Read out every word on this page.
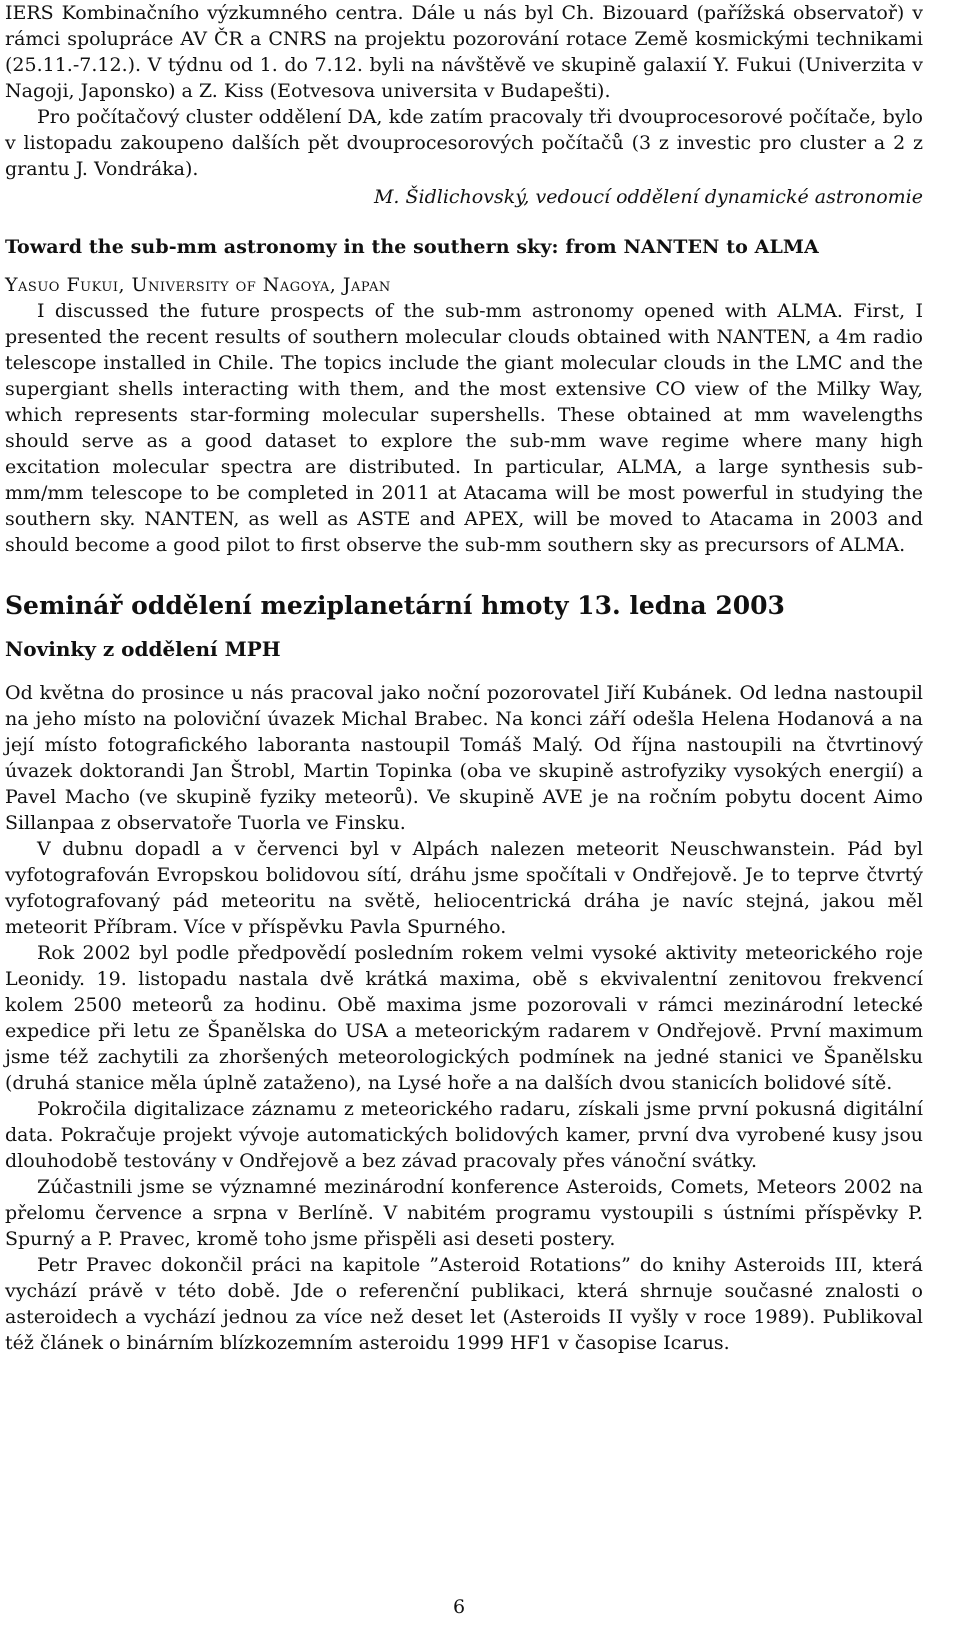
IERS Kombinačního výzkumného centra. Dále u nás byl Ch. Bizouard (pařížská observatoř) v rámci spolupráce AV ČR a CNRS na projektu pozorování rotace Země kosmickými technikami (25.11.-7.12.). V týdnu od 1. do 7.12. byli na návštěvě ve skupině galaxií Y. Fukui (Univerzita v Nagoji, Japonsko) a Z. Kiss (Eotvesova universita v Budapešti).

Pro počítačový cluster oddělení DA, kde zatím pracovaly tři dvouprocesorové počítače, bylo v listopadu zakoupeno dalších pět dvouprocesorových počítačů (3 z investic pro cluster a 2 z grantu J. Vondráka).

M. Šidlichovský, vedoucí oddělení dynamické astronomie

Toward the sub-mm astronomy in the southern sky: from NANTEN to ALMA
Yasuo Fukui, University of Nagoya, Japan

I discussed the future prospects of the sub-mm astronomy opened with ALMA. First, I presented the recent results of southern molecular clouds obtained with NANTEN, a 4m radio telescope installed in Chile. The topics include the giant molecular clouds in the LMC and the supergiant shells interacting with them, and the most extensive CO view of the Milky Way, which represents star-forming molecular supershells. These obtained at mm wavelengths should serve as a good dataset to explore the sub-mm wave regime where many high excitation molecular spectra are distributed. In particular, ALMA, a large synthesis sub-mm/mm telescope to be completed in 2011 at Atacama will be most powerful in studying the southern sky. NANTEN, as well as ASTE and APEX, will be moved to Atacama in 2003 and should become a good pilot to first observe the sub-mm southern sky as precursors of ALMA.

Seminář oddělení meziplanetární hmoty 13. ledna 2003
Novinky z oddělení MPH

Od května do prosince u nás pracoval jako noční pozorovatel Jiří Kubánek. Od ledna nastoupil na jeho místo na poloviční úvazek Michal Brabec. Na konci září odešla Helena Hodanová a na její místo fotografického laboranta nastoupil Tomáš Malý. Od října nastoupili na čtvrtinový úvazek doktorandi Jan Štrobl, Martin Topinka (oba ve skupině astrofyziky vysokých energií) a Pavel Macho (ve skupině fyziky meteorů). Ve skupině AVE je na ročním pobytu docent Aimo Sillanpaa z observatoře Tuorla ve Finsku.

V dubnu dopadl a v červenci byl v Alpách nalezen meteorit Neuschwanstein. Pád byl vyfotografován Evropskou bolidovou sítí, dráhu jsme spočítali v Ondřejově. Je to teprve čtvrtý vyfotografovaný pád meteoritu na světě, heliocentrická dráha je navíc stejná, jakou měl meteorit Příbram. Více v příspěvku Pavla Spurného.

Rok 2002 byl podle předpovědí posledním rokem velmi vysoké aktivity meteorického roje Leonidy. 19. listopadu nastala dvě krátká maxima, obě s ekvivalentní zenitovou frekvencí kolem 2500 meteorů za hodinu. Obě maxima jsme pozorovali v rámci mezinárodní letecké expedice při letu ze Španělska do USA a meteorickým radarem v Ondřejově. První maximum jsme též zachytili za zhoršených meteorologických podmínek na jedné stanici ve Španělsku (druhá stanice měla úplně zataženo), na Lysé hoře a na dalších dvou stanicích bolidové sítě.

Pokročila digitalizace záznamu z meteorického radaru, získali jsme první pokusná digitální data. Pokračuje projekt vývoje automatických bolidových kamer, první dva vyrobené kusy jsou dlouhodobě testovány v Ondřejově a bez závad pracovaly přes vánoční svátky.

Zúčastnili jsme se významné mezinárodní konference Asteroids, Comets, Meteors 2002 na přelomu července a srpna v Berlíně. V nabitém programu vystoupili s ústními příspěvky P. Spurný a P. Pravec, kromě toho jsme přispěli asi deseti postery.

Petr Pravec dokončil práci na kapitole ”Asteroid Rotations” do knihy Asteroids III, která vychází právě v této době. Jde o referenční publikaci, která shrnuje současné znalosti o asteroidech a vychází jednou za více než deset let (Asteroids II vyšly v roce 1989). Publikoval též článek o binárním blízkozemním asteroidu 1999 HF1 v časopise Icarus.

6
